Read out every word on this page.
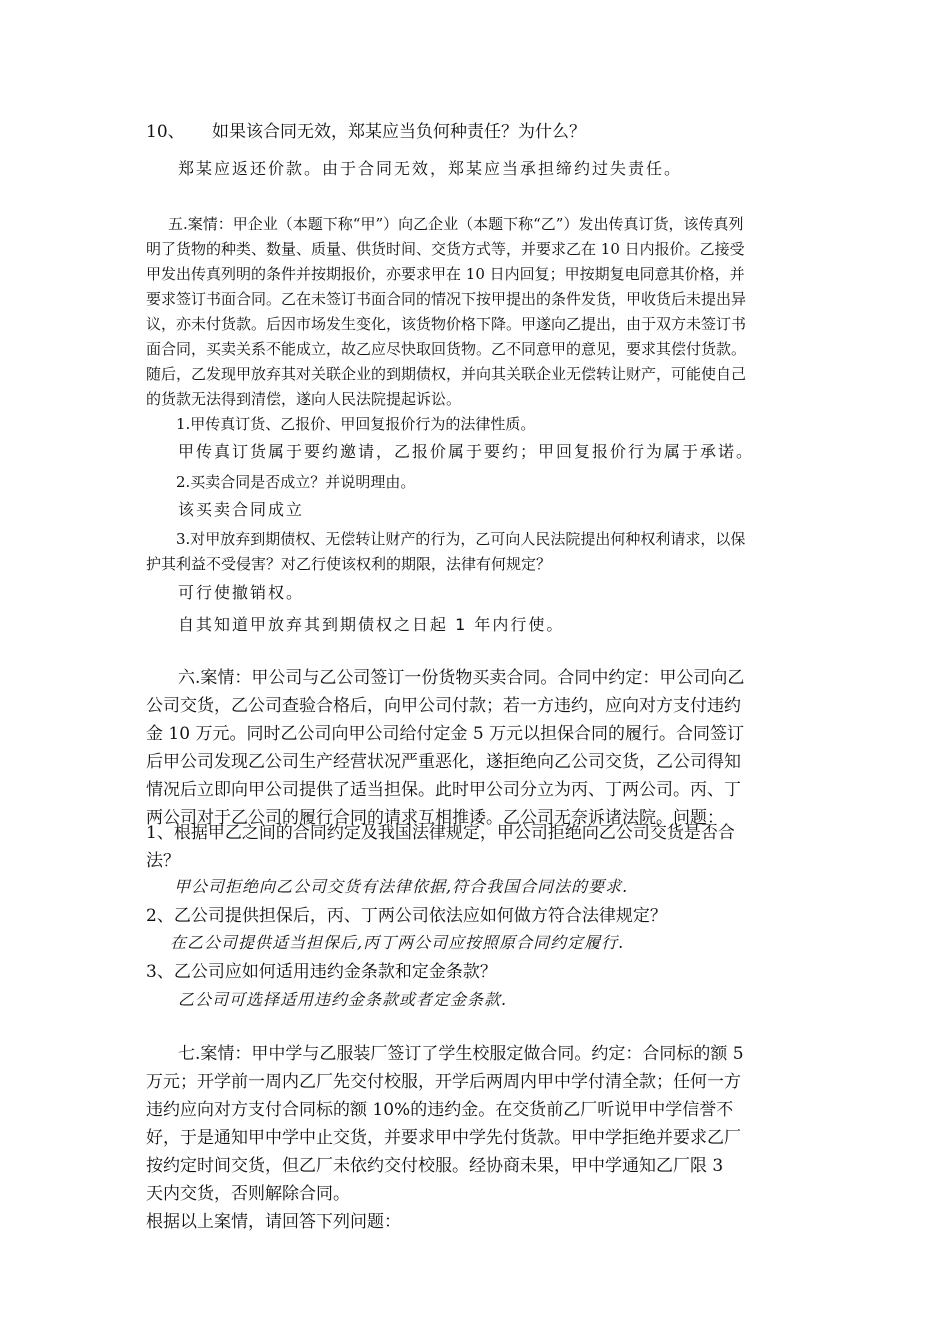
10、 如果该合同无效，郑某应当负何种责任？为什么？
郑某应返还价款。由于合同无效，郑某应当承担缔约过失责任。
五.案情：甲企业（本题下称“甲”）向乙企业（本题下称“乙”）发出传真订货，该传真列
明了货物的种类、数量、质量、供货时间、交货方式等，并要求乙在 10 日内报价。乙接受
甲发出传真列明的条件并按期报价，亦要求甲在 10 日内回复；甲按期复电同意其价格，并
要求签订书面合同。乙在未签订书面合同的情况下按甲提出的条件发货，甲收货后未提出异
议，亦未付货款。后因市场发生变化，该货物价格下降。甲遂向乙提出，由于双方未签订书
面合同，买卖关系不能成立，故乙应尽快取回货物。乙不同意甲的意见，要求其偿付货款。
随后，乙发现甲放弃其对关联企业的到期债权，并向其关联企业无偿转让财产，可能使自己
的货款无法得到清偿，遂向人民法院提起诉讼。
1.甲传真订货、乙报价、甲回复报价行为的法律性质。
甲传真订货属于要约邀请，乙报价属于要约；甲回复报价行为属于承诺。
2.买卖合同是否成立？并说明理由。
该买卖合同成立
3.对甲放弃到期债权、无偿转让财产的行为，乙可向人民法院提出何种权利请求，以保
护其利益不受侵害？对乙行使该权利的期限，法律有何规定？
可行使撤销权。
自其知道甲放弃其到期债权之日起 1 年内行使。
六.案情：甲公司与乙公司签订一份货物买卖合同。合同中约定：甲公司向乙
公司交货，乙公司查验合格后，向甲公司付款；若一方违约，应向对方支付违约
金 10 万元。同时乙公司向甲公司给付定金 5 万元以担保合同的履行。合同签订
后甲公司发现乙公司生产经营状况严重恶化，遂拒绝向乙公司交货，乙公司得知
情况后立即向甲公司提供了适当担保。此时甲公司分立为丙、丁两公司。丙、丁
两公司对于乙公司的履行合同的请求互相推诿。乙公司无奈诉诸法院。问题：
1、根据甲乙之间的合同约定及我国法律规定，甲公司拒绝向乙公司交货是否合
法？
甲公司拒绝向乙公司交货有法律依据,符合我国合同法的要求.
2、乙公司提供担保后，丙、丁两公司依法应如何做方符合法律规定？
在乙公司提供适当担保后,丙丁两公司应按照原合同约定履行.
3、乙公司应如何适用违约金条款和定金条款？
乙公司可选择适用违约金条款或者定金条款.
七.案情：甲中学与乙服装厂签订了学生校服定做合同。约定：合同标的额 5
万元；开学前一周内乙厂先交付校服，开学后两周内甲中学付清全款；任何一方
违约应向对方支付合同标的额 10%的违约金。在交货前乙厂听说甲中学信誉不
好，于是通知甲中学中止交货，并要求甲中学先付货款。甲中学拒绝并要求乙厂
按约定时间交货，但乙厂未依约交付校服。经协商未果，甲中学通知乙厂限 3
天内交货，否则解除合同。
根据以上案情，请回答下列问题：
